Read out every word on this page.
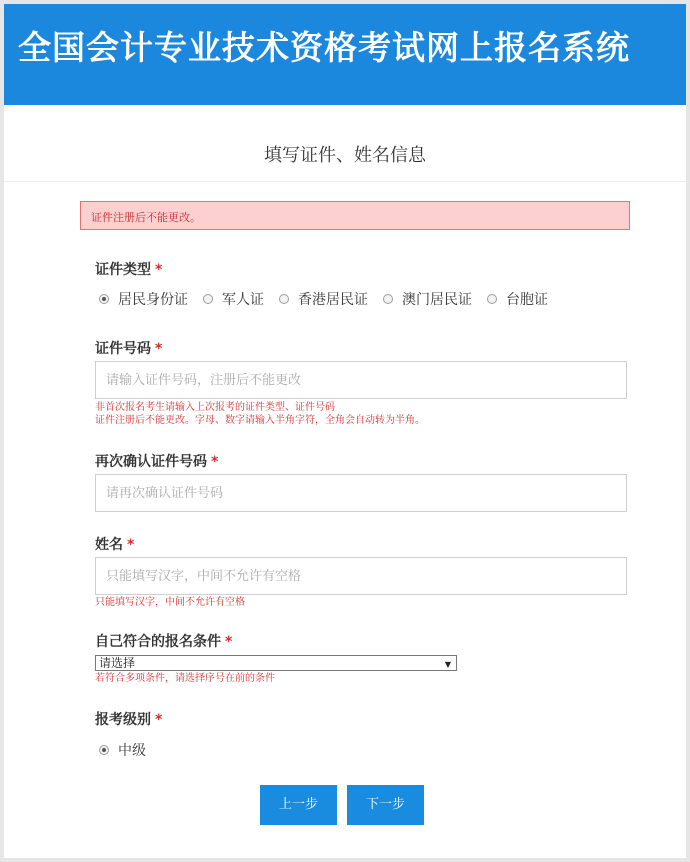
全国会计专业技术资格考试网上报名系统
填写证件、姓名信息
证件注册后不能更改。
证件类型 *
居民身份证 军人证 香港居民证 澳门居民证 台胞证
证件号码 *
请输入证件号码，注册后不能更改
非首次报名考生请输入上次报考的证件类型、证件号码
证件注册后不能更改。字母、数字请输入半角字符，全角会自动转为半角。
再次确认证件号码 *
请再次确认证件号码
姓名 *
只能填写汉字，中间不允许有空格
只能填写汉字，中间不允许有空格
自己符合的报名条件 *
请选择	▼
若符合多项条件，请选择序号在前的条件
报考级别 *
中级
上一步	下一步
